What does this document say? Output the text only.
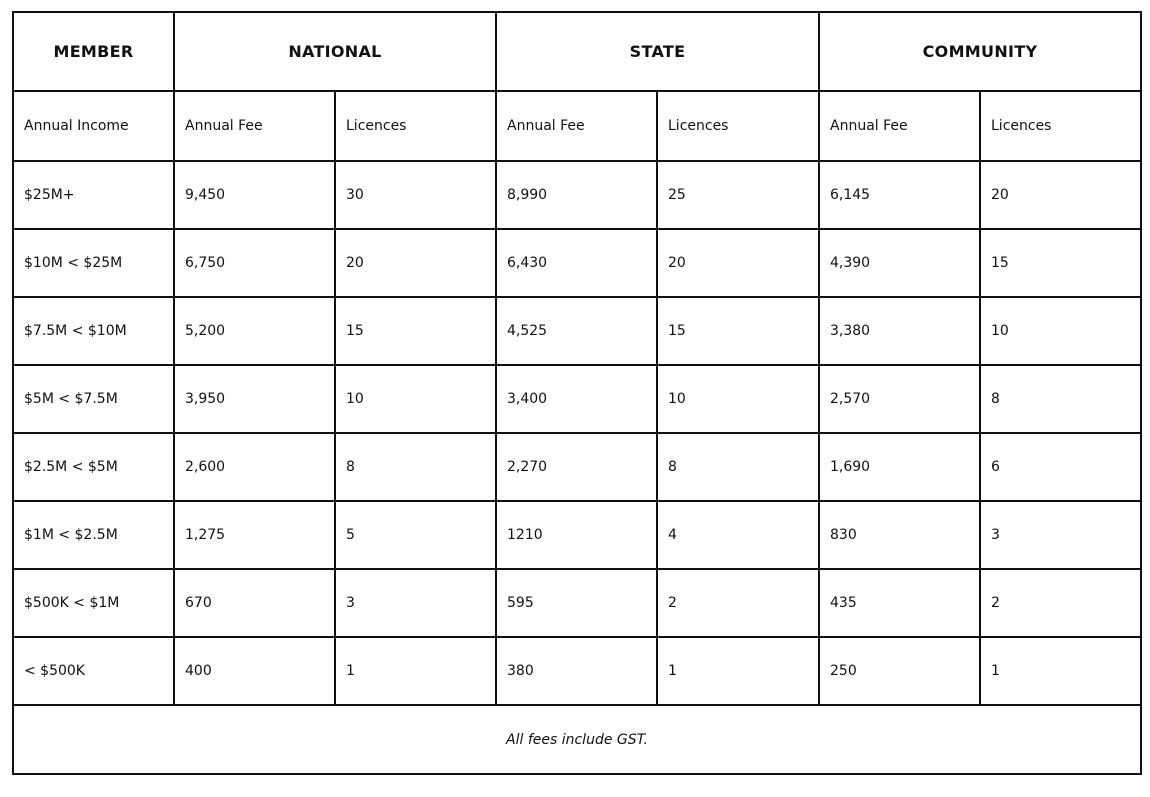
MEMBER	NATIONAL		STATE		COMMUNITY	
Annual Income	Annual Fee	Licences	Annual Fee	Licences	Annual Fee	Licences
$25M+	9,450	30	8,990	25	6,145	20
$10M < $25M	6,750	20	6,430	20	4,390	15
$7.5M < $10M	5,200	15	4,525	15	3,380	10
$5M < $7.5M	3,950	10	3,400	10	2,570	8
$2.5M < $5M	2,600	8	2,270	8	1,690	6
$1M < $2.5M	1,275	5	1210	4	830	3
$500K < $1M	670	3	595	2	435	2
< $500K	400	1	380	1	250	1
All fees include GST.						
